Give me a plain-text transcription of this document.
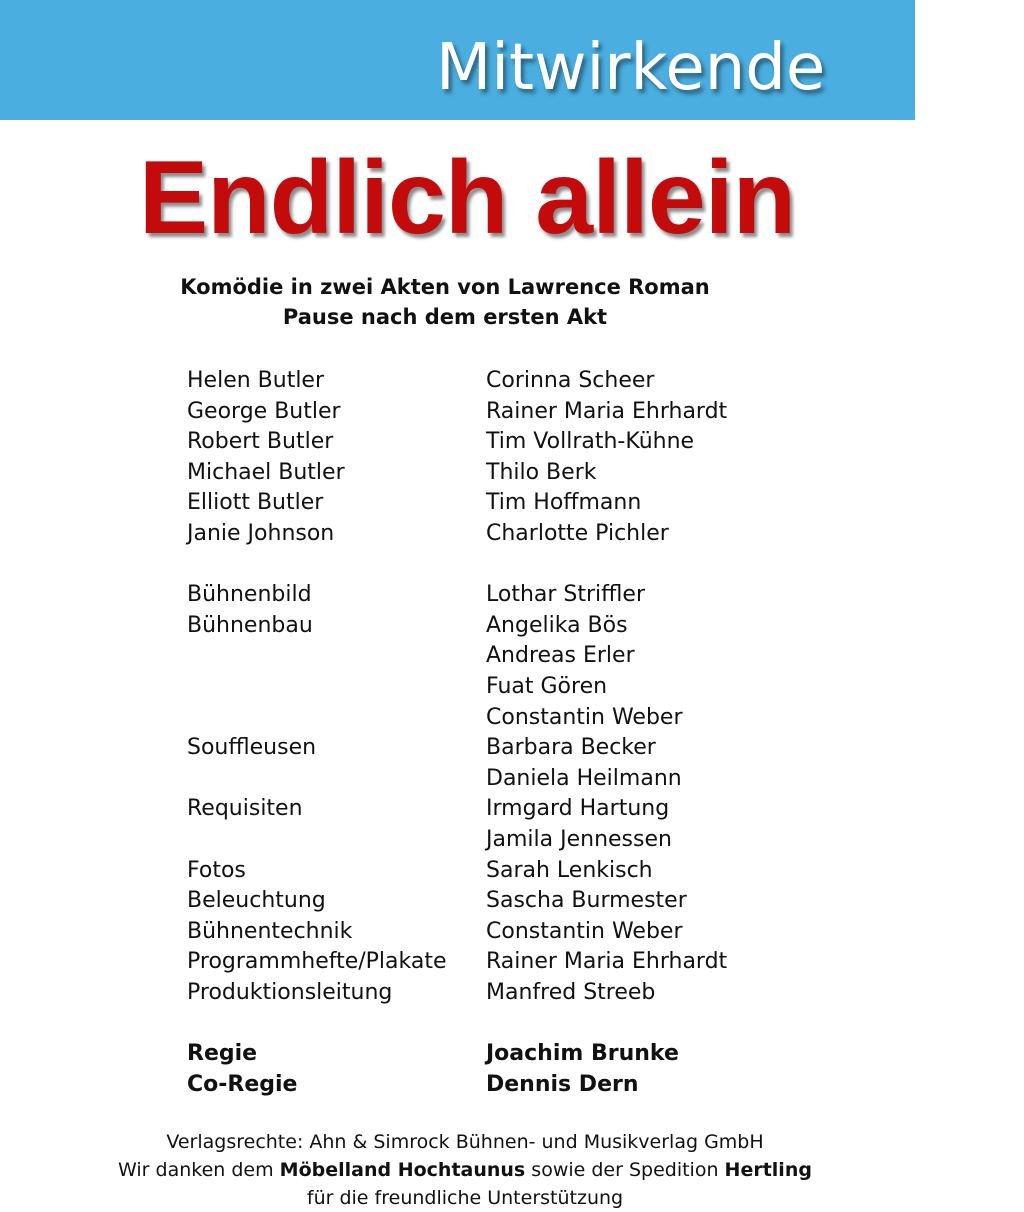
Mitwirkende
Endlich allein
Komödie in zwei Akten von Lawrence Roman
Pause nach dem ersten Akt
Helen Butler	Corinna Scheer
George Butler	Rainer Maria Ehrhardt
Robert Butler	Tim Vollrath-Kühne
Michael Butler	Thilo Berk
Elliott Butler	Tim Hoffmann
Janie Johnson	Charlotte Pichler
Bühnenbild	Lothar Striffler
Bühnenbau	Angelika Bös
Andreas Erler
Fuat Gören
Constantin Weber
Souffleusen	Barbara Becker
Daniela Heilmann
Requisiten	Irmgard Hartung
Jamila Jennessen
Fotos	Sarah Lenkisch
Beleuchtung	Sascha Burmester
Bühnentechnik	Constantin Weber
Programmhefte/Plakate Rainer Maria Ehrhardt
Produktionsleitung	Manfred Streeb
Regie	Joachim Brunke
Co-Regie	Dennis Dern
Verlagsrechte: Ahn & Simrock Bühnen- und Musikverlag GmbH
Wir danken dem Möbelland Hochtaunus sowie der Spedition Hertling
für die freundliche Unterstützung
